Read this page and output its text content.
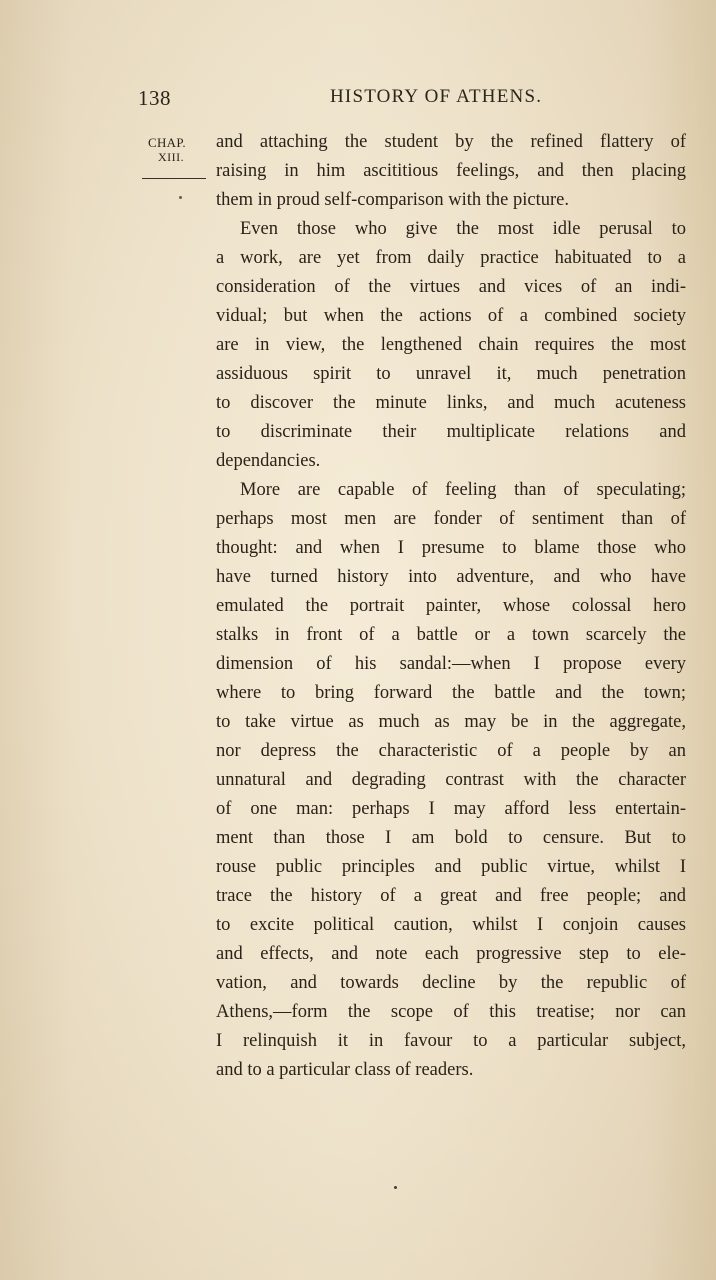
138	HISTORY OF ATHENS.
CHAP.
XIII.
and attaching the student by the refined flattery of
raising in him ascititious feelings, and then placing
them in proud self-comparison with the picture.
Even those who give the most idle perusal to
a work, are yet from daily practice habituated to a
consideration of the virtues and vices of an indi-
vidual; but when the actions of a combined society
are in view, the lengthened chain requires the most
assiduous spirit to unravel it, much penetration
to discover the minute links, and much acuteness
to discriminate their multiplicate relations and
dependancies.
More are capable of feeling than of speculating;
perhaps most men are fonder of sentiment than of
thought: and when I presume to blame those who
have turned history into adventure, and who have
emulated the portrait painter, whose colossal hero
stalks in front of a battle or a town scarcely the
dimension of his sandal:—when I propose every
where to bring forward the battle and the town;
to take virtue as much as may be in the aggregate,
nor depress the characteristic of a people by an
unnatural and degrading contrast with the character
of one man: perhaps I may afford less entertain-
ment than those I am bold to censure. But to
rouse public principles and public virtue, whilst I
trace the history of a great and free people; and
to excite political caution, whilst I conjoin causes
and effects, and note each progressive step to ele-
vation, and towards decline by the republic of
Athens,—form the scope of this treatise; nor can
I relinquish it in favour to a particular subject,
and to a particular class of readers.
